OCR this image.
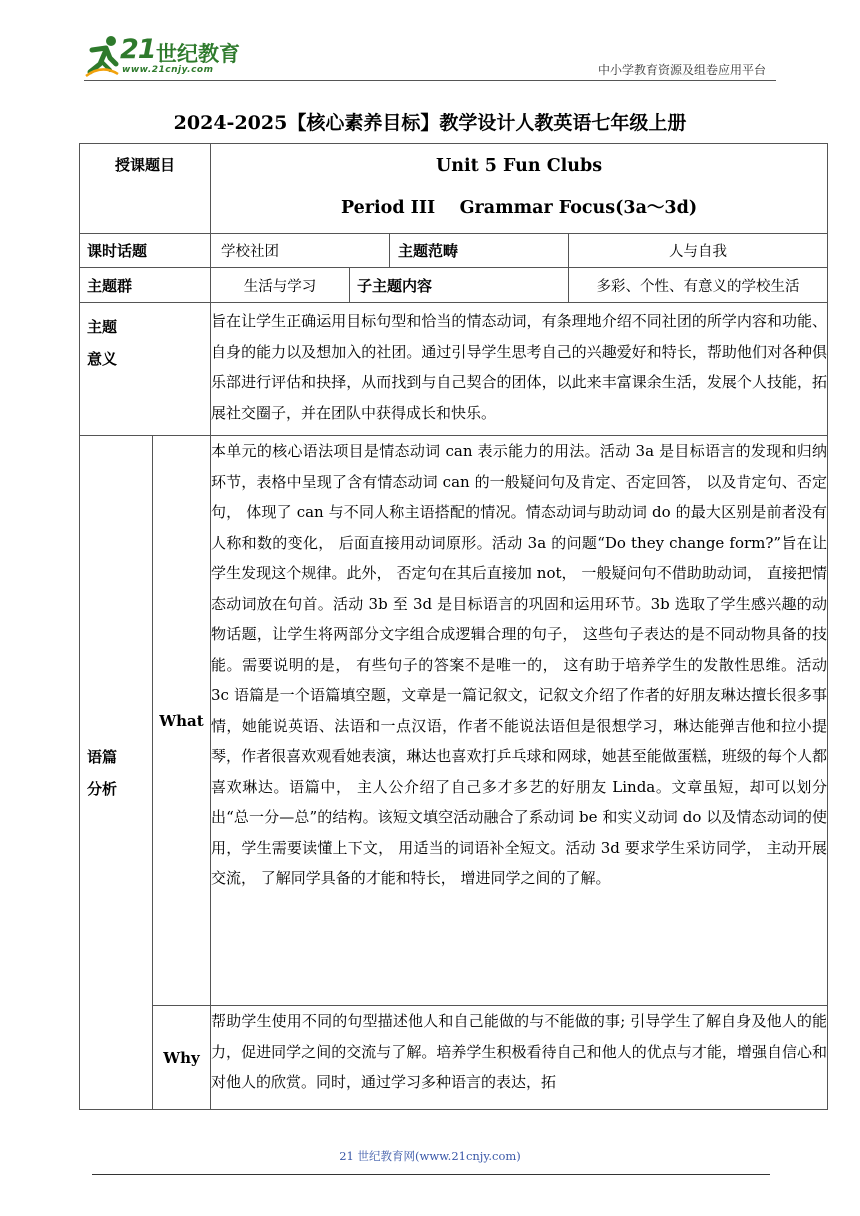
21 世纪教育
www.21cnjy.com	中小学教育资源及组卷应用平台
2024-2025【核心素养目标】教学设计人教英语七年级上册
授课题目		Unit 5 Fun Clubs
Period III    Grammar Focus(3a～3d)			

课时话题		学校社团		主题范畴	人与自我
主题群		生活与学习	子主题内容		多彩、个性、有意义的学校生活

主题
意义		旨在让学生正确运用目标句型和恰当的情态动词，有条理地介绍不同社团的所学内容和功能、自身的能力以及想加入的社团。通过引导学生思考自己的兴趣爱好和特长，帮助他们对各种俱乐部进行评估和抉择，从而找到与自己契合的团体，以此来丰富课余生活，发展个人技能，拓展社交圈子，并在团队中获得成长和快乐。			

语篇
分析	What	本单元的核心语法项目是情态动词 can 表示能力的用法。活动 3a 是目标语言的发现和归纳环节，表格中呈现了含有情态动词 can 的一般疑问句及肯定、否定回答， 以及肯定句、否定句， 体现了 can 与不同人称主语搭配的情况。情态动词与助动词 do 的最大区别是前者没有人称和数的变化， 后面直接用动词原形。活动 3a 的问题“Do they change form?”旨在让学生发现这个规律。此外， 否定句在其后直接加 not， 一般疑问句不借助助动词， 直接把情态动词放在句首。活动 3b 至 3d 是目标语言的巩固和运用环节。3b 选取了学生感兴趣的动物话题，让学生将两部分文字组合成逻辑合理的句子， 这些句子表达的是不同动物具备的技能。需要说明的是， 有些句子的答案不是唯一的， 这有助于培养学生的发散性思维。活动 3c 语篇是一个语篇填空题，文章是一篇记叙文，记叙文介绍了作者的好朋友琳达擅长很多事情，她能说英语、法语和一点汉语，作者不能说法语但是很想学习，琳达能弹吉他和拉小提琴，作者很喜欢观看她表演，琳达也喜欢打乒乓球和网球，她甚至能做蛋糕，班级的每个人都喜欢琳达。语篇中， 主人公介绍了自己多才多艺的好朋友 Linda。文章虽短，却可以划分出“总一分—总”的结构。该短文填空活动融合了系动词 be 和实义动词 do 以及情态动词的使用，学生需要读懂上下文， 用适当的词语补全短文。活动 3d 要求学生采访同学， 主动开展交流， 了解同学具备的才能和特长， 增进同学之间的了解。			
	Why	帮助学生使用不同的句型描述他人和自己能做的与不能做的事; 引导学生了解自身及他人的能力，促进同学之间的交流与了解。培养学生积极看待自己和他人的优点与才能，增强自信心和对他人的欣赏。同时，通过学习多种语言的表达，拓			
21 世纪教育网(www.21cnjy.com)
